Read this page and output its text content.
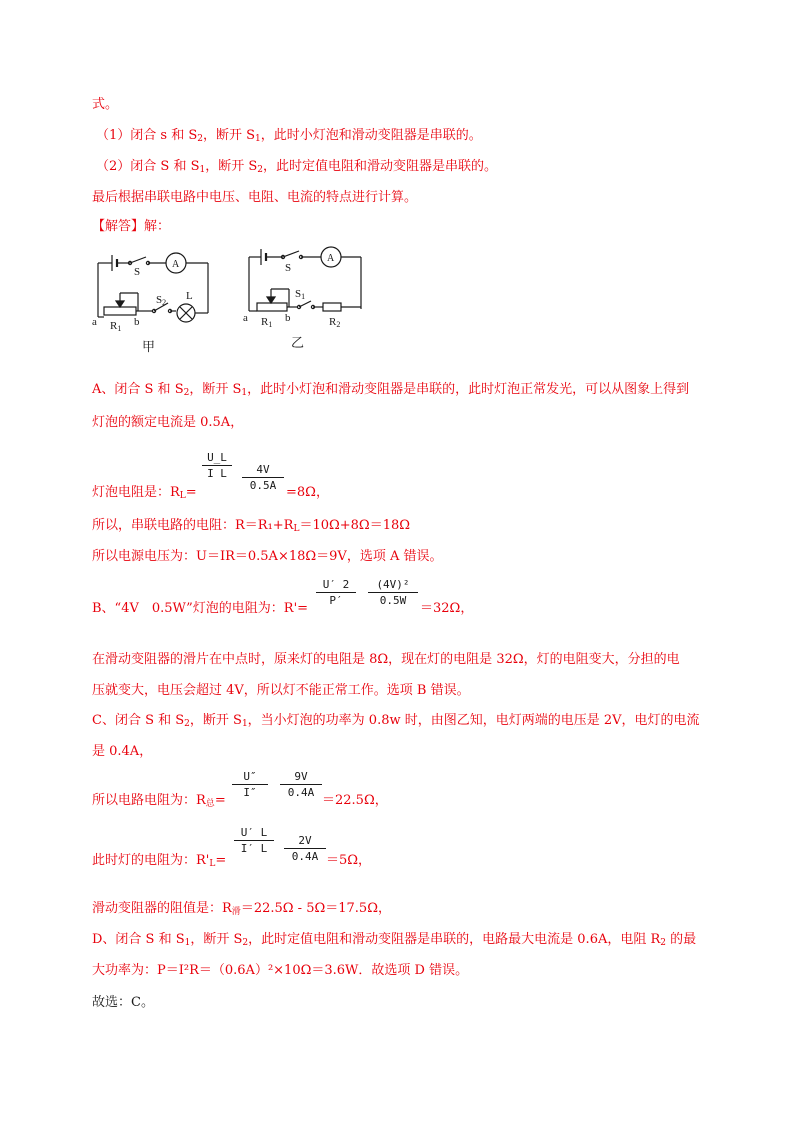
式。
（1）闭合 s 和 $S_2$，断开 $S_1$，此时小灯泡和滑动变阻器是串联的。
（2）闭合 S 和 $S_1$，断开 $S_2$，此时定值电阻和滑动变阻器是串联的。
最后根据串联电路中电压、电阻、电流的特点进行计算。
【解答】解：
S
A
S2
L
a	b
R1
甲
S
A
S1
a	b
R1	R2
乙
A、闭合 S 和 $S_2$，断开 $S_1$，此时小灯泡和滑动变阻器是串联的，此时灯泡正常发光，可以从图象上得到
灯泡的额定电流是 0.5A，
灯泡电阻是：$R_L=$
U_L
I L	4V
0.5A =8Ω，
所以，串联电路的电阻：$R=R_1+R_L=10\Omega+8\Omega=18\Omega$
所以电源电压为：U＝IR＝0.5A×18Ω＝9V，选项 A 错误。
B、“4V　0.5W”灯泡的电阻为：R'=
U′ 2
P′
(4V)²
0.5W
＝32Ω，
在滑动变阻器的滑片在中点时，原来灯的电阻是 8Ω，现在灯的电阻是 32Ω，灯的电阻变大，分担的电
压就变大，电压会超过 4V，所以灯不能正常工作。选项 B 错误。
C、闭合 S 和 $S_2$，断开 $S_1$，当小灯泡的功率为 0.8w 时，由图乙知，电灯两端的电压是 2V，电灯的电流
是 0.4A，
所以电路电阻为：$R_总=$
U″
I″
9V
0.4A
＝22.5Ω，
此时灯的电阻为：$R'_L=$
U′ L
I′ L
2V
0.4A ＝5Ω，
滑动变阻器的阻值是：$R_滑=22.5\Omega - 5\Omega=17.5\Omega$，
D、闭合 S 和 $S_1$，断开 $S_2$，此时定值电阻和滑动变阻器是串联的，电路最大电流是 0.6A，电阻 $R_2$ 的最
大功率为：P＝I²R＝（0.6A）²×10Ω＝3.6W．故选项 D 错误。
故选：C。
